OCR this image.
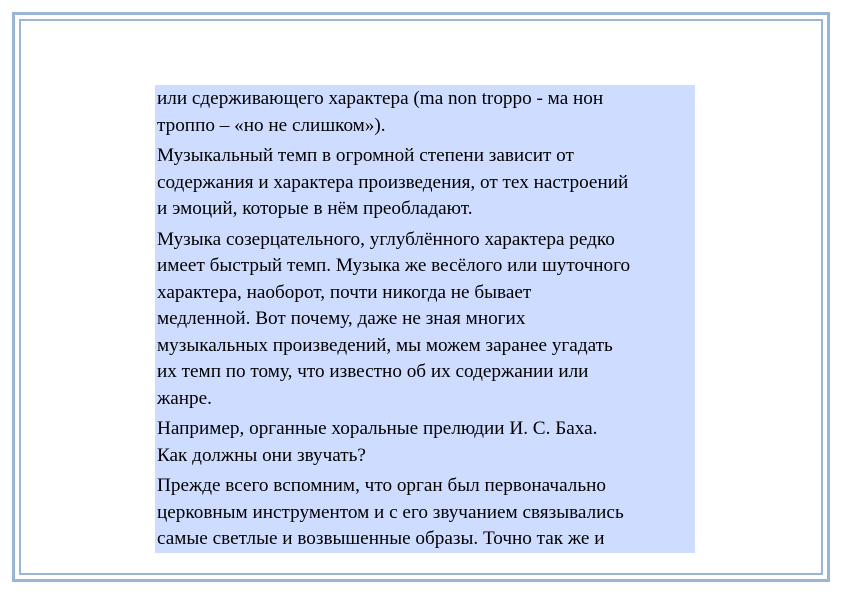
или сдерживающего характера (ma non troppo - ма нон
троппо – «но не слишком»).
Музыкальный темп в огромной степени зависит от
содержания и характера произведения, от тех настроений
и эмоций, которые в нём преобладают.
Музыка созерцательного, углублённого характера редко
имеет быстрый темп. Музыка же весёлого или шуточного
характера, наоборот, почти никогда не бывает
медленной. Вот почему, даже не зная многих
музыкальных произведений, мы можем заранее угадать
их темп по тому, что известно об их содержании или
жанре.
Например, органные хоральные прелюдии И. С. Баха.
Как должны они звучать?
Прежде всего вспомним, что орган был первоначально
церковным инструментом и с его звучанием связывались
самые светлые и возвышенные образы. Точно так же и
